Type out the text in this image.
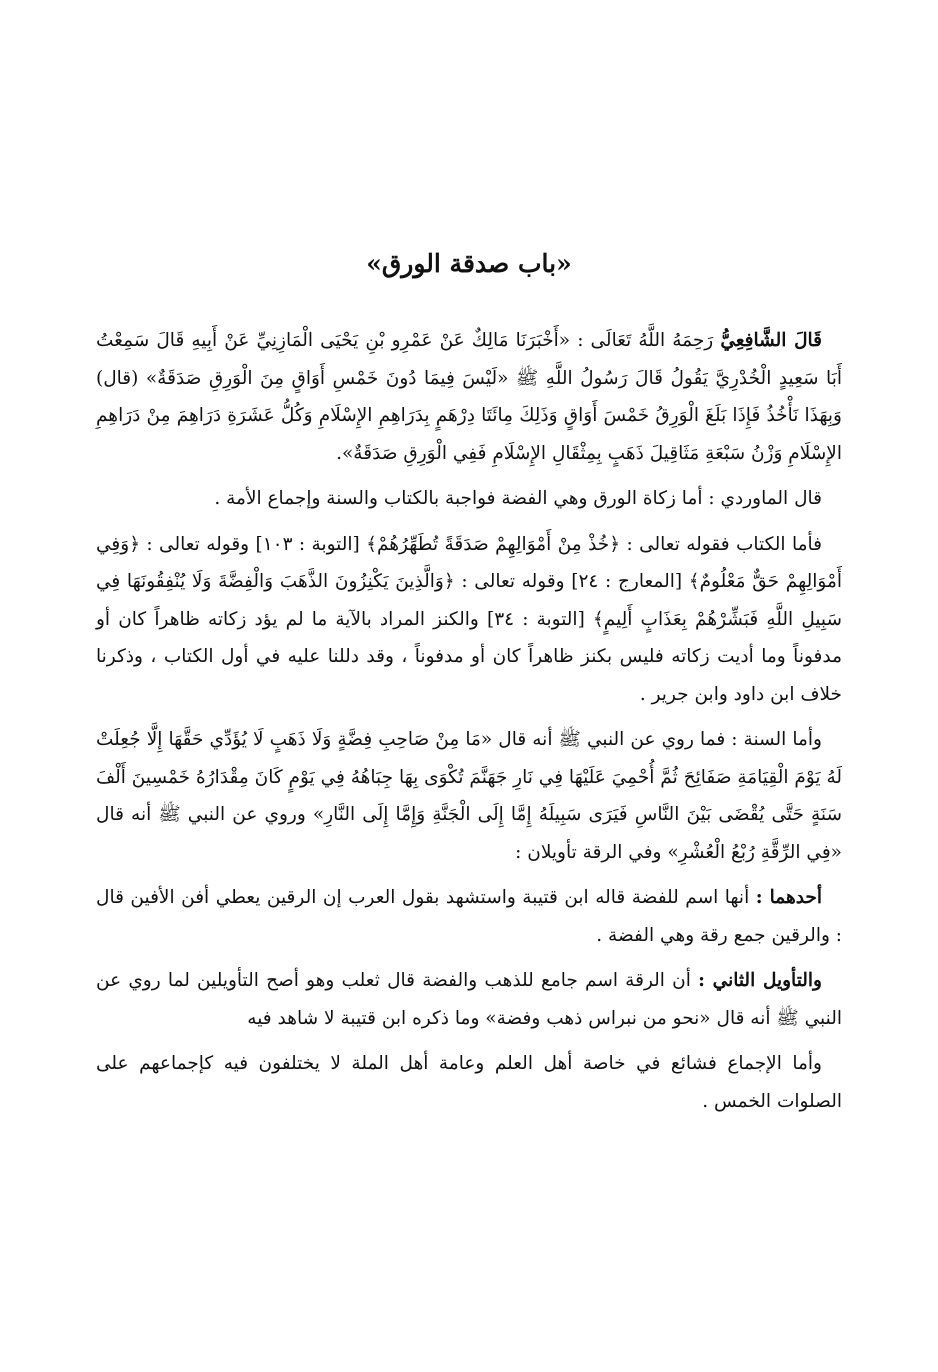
«باب صدقة الورق»

قَالَ الشَّافِعِيُّ رَحِمَهُ اللَّهُ تَعَالَى : «أَخْبَرَنَا مَالِكٌ عَنْ عَمْرِو بْنِ يَحْيَى الْمَازِنِيِّ عَنْ أَبِيهِ قَالَ سَمِعْتُ أَبَا سَعِيدٍ الْخُدْرِيَّ يَقُولُ قَالَ رَسُولُ اللَّهِ ﷺ «لَيْسَ فِيمَا دُونَ خَمْسِ أَوَاقٍ مِنَ الْوَرِقِ صَدَقَةٌ» (قال) وَبِهَذَا نَأْخُذُ فَإِذَا بَلَغَ الْوَرِقُ خَمْسَ أَوَاقٍ وَذَلِكَ مِائَتَا دِرْهَمٍ بِدَرَاهِمِ الإِسْلَامِ وَكُلُّ عَشَرَةِ دَرَاهِمَ مِنْ دَرَاهِمِ الإِسْلَامِ وَزْنُ سَبْعَةِ مَثَاقِيلَ ذَهَبٍ بِمِثْقَالِ الإِسْلَامِ فَفِي الْوَرِقِ صَدَقَةٌ».

قال الماوردي : أما زكاة الورق وهي الفضة فواجبة بالكتاب والسنة وإجماع الأمة .

فأما الكتاب فقوله تعالى : ﴿خُذْ مِنْ أَمْوَالِهِمْ صَدَقَةً تُطَهِّرُهُمْ﴾ [التوبة : ١٠٣] وقوله تعالى : ﴿وَفِي أَمْوَالِهِمْ حَقٌّ مَعْلُومٌ﴾ [المعارج : ٢٤] وقوله تعالى : ﴿وَالَّذِينَ يَكْنِزُونَ الذَّهَبَ وَالْفِضَّةَ وَلَا يُنْفِقُونَهَا فِي سَبِيلِ اللَّهِ فَبَشِّرْهُمْ بِعَذَابٍ أَلِيمٍ﴾ [التوبة : ٣٤] والكنز المراد بالآية ما لم يؤد زكاته ظاهراً كان أو مدفوناً وما أديت زكاته فليس بكنز ظاهراً كان أو مدفوناً ، وقد دللنا عليه في أول الكتاب ، وذكرنا خلاف ابن داود وابن جرير .

وأما السنة : فما روي عن النبي ﷺ أنه قال «مَا مِنْ صَاحِبِ فِضَّةٍ وَلَا ذَهَبٍ لَا يُؤَدِّي حَقَّهَا إِلَّا جُعِلَتْ لَهُ يَوْمَ الْقِيَامَةِ صَفَائِحَ ثُمَّ أُحْمِيَ عَلَيْهَا فِي نَارِ جَهَنَّمَ تُكْوَى بِهَا جِبَاهُهُ فِي يَوْمٍ كَانَ مِقْدَارُهُ خَمْسِينَ أَلْفَ سَنَةٍ حَتَّى يُقْضَى بَيْنَ النَّاسِ فَيَرَى سَبِيلَهُ إِمَّا إِلَى الْجَنَّةِ وَإِمَّا إِلَى النَّارِ» وروي عن النبي ﷺ أنه قال «فِي الرِّقَّةِ رُبْعُ الْعُشْرِ» وفي الرقة تأويلان :

أحدهما : أنها اسم للفضة قاله ابن قتيبة واستشهد بقول العرب إن الرقين يعطي أفن الأفين قال : والرقين جمع رقة وهي الفضة .

والتأويل الثاني : أن الرقة اسم جامع للذهب والفضة قال ثعلب وهو أصح التأويلين لما روي عن النبي ﷺ أنه قال «نحو من نبراس ذهب وفضة» وما ذكره ابن قتيبة لا شاهد فيه

وأما الإجماع فشائع في خاصة أهل العلم وعامة أهل الملة لا يختلفون فيه كإجماعهم على الصلوات الخمس .
